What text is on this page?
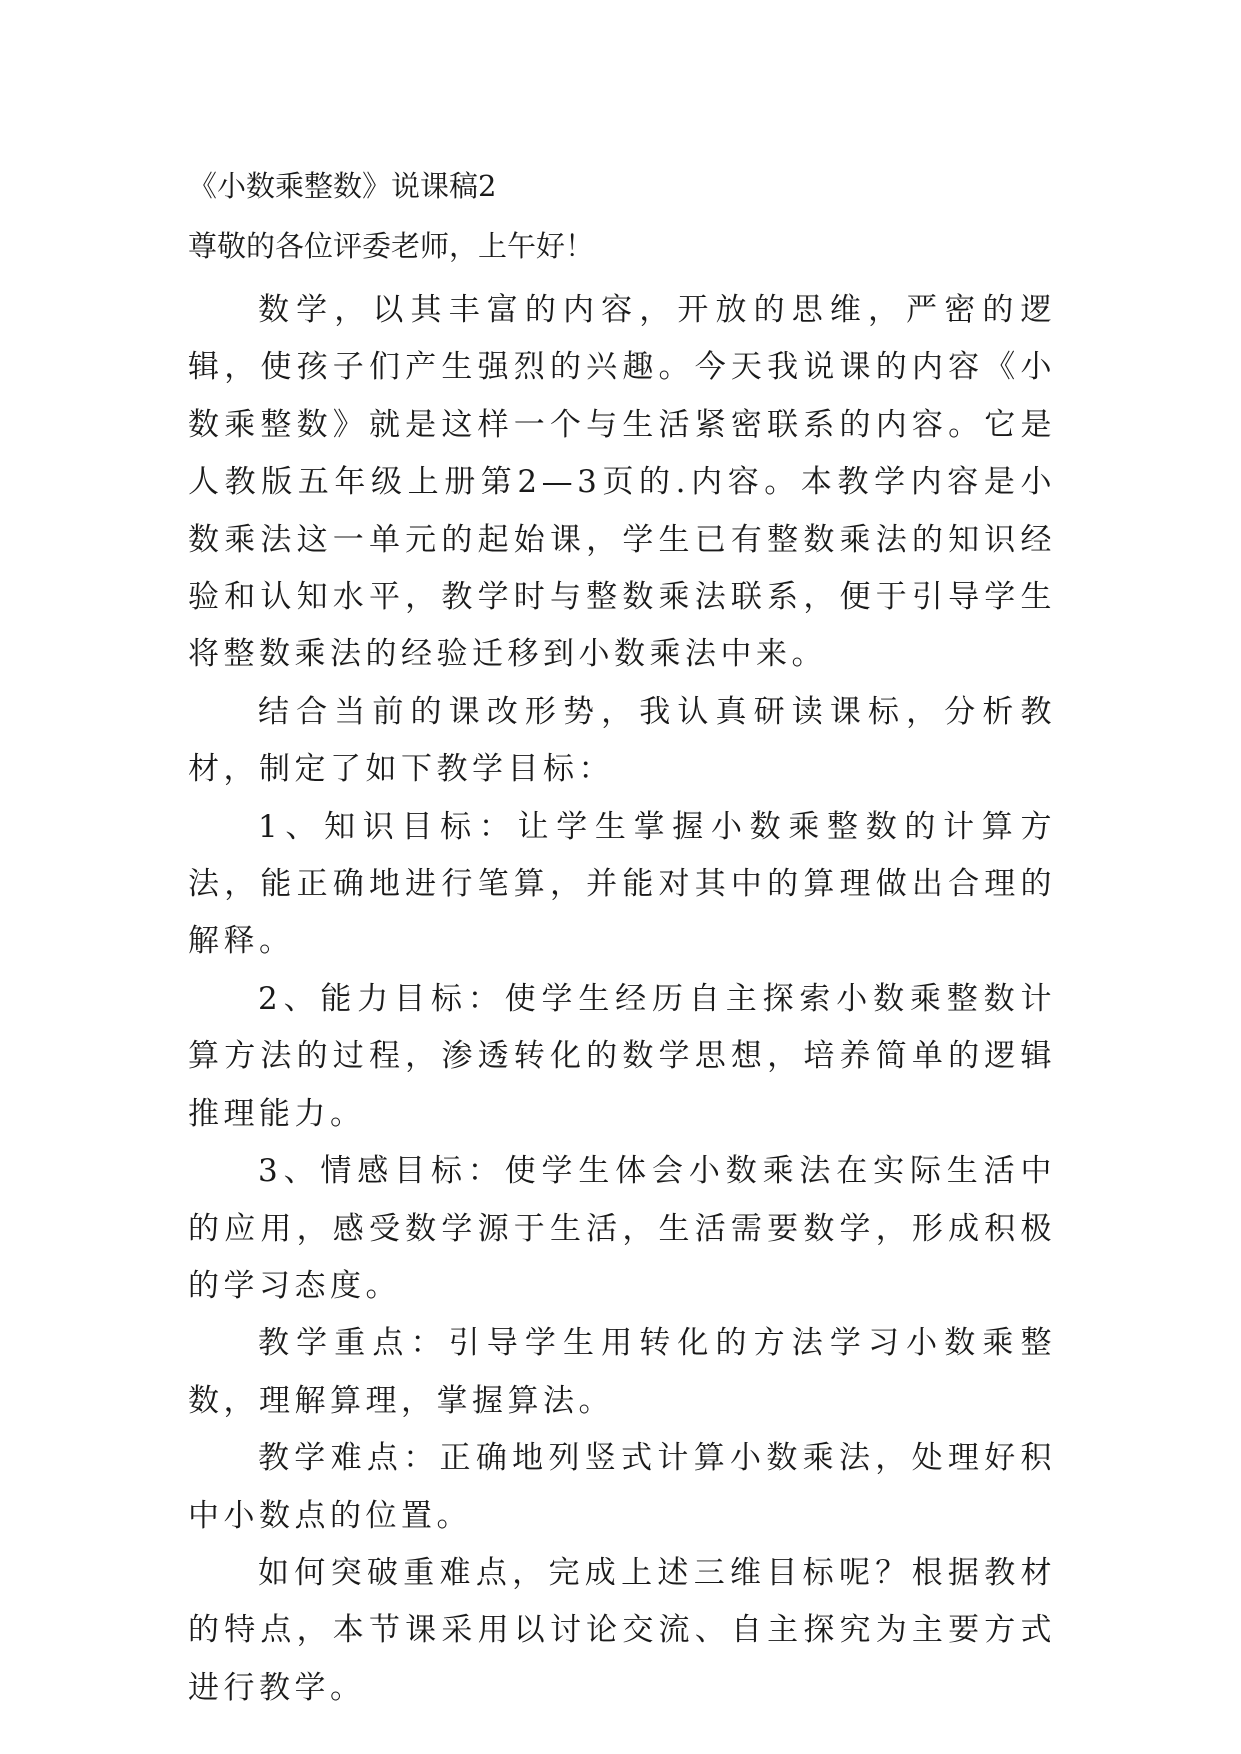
《小数乘整数》说课稿2
尊敬的各位评委老师，上午好！

数学，以其丰富的内容，开放的思维，严密的逻辑，使孩子们产生强烈的兴趣。今天我说课的内容《小数乘整数》就是这样一个与生活紧密联系的内容。它是人教版五年级上册第2—3页的.内容。本教学内容是小数乘法这一单元的起始课，学生已有整数乘法的知识经验和认知水平，教学时与整数乘法联系，便于引导学生将整数乘法的经验迁移到小数乘法中来。

结合当前的课改形势，我认真研读课标，分析教材，制定了如下教学目标：

1、知识目标：让学生掌握小数乘整数的计算方法，能正确地进行笔算，并能对其中的算理做出合理的解释。

2、能力目标：使学生经历自主探索小数乘整数计算方法的过程，渗透转化的数学思想，培养简单的逻辑推理能力。

3、情感目标：使学生体会小数乘法在实际生活中的应用，感受数学源于生活，生活需要数学，形成积极的学习态度。

教学重点：引导学生用转化的方法学习小数乘整数，理解算理，掌握算法。

教学难点：正确地列竖式计算小数乘法，处理好积中小数点的位置。

如何突破重难点，完成上述三维目标呢？根据教材的特点，本节课采用以讨论交流、自主探究为主要方式进行教学。
